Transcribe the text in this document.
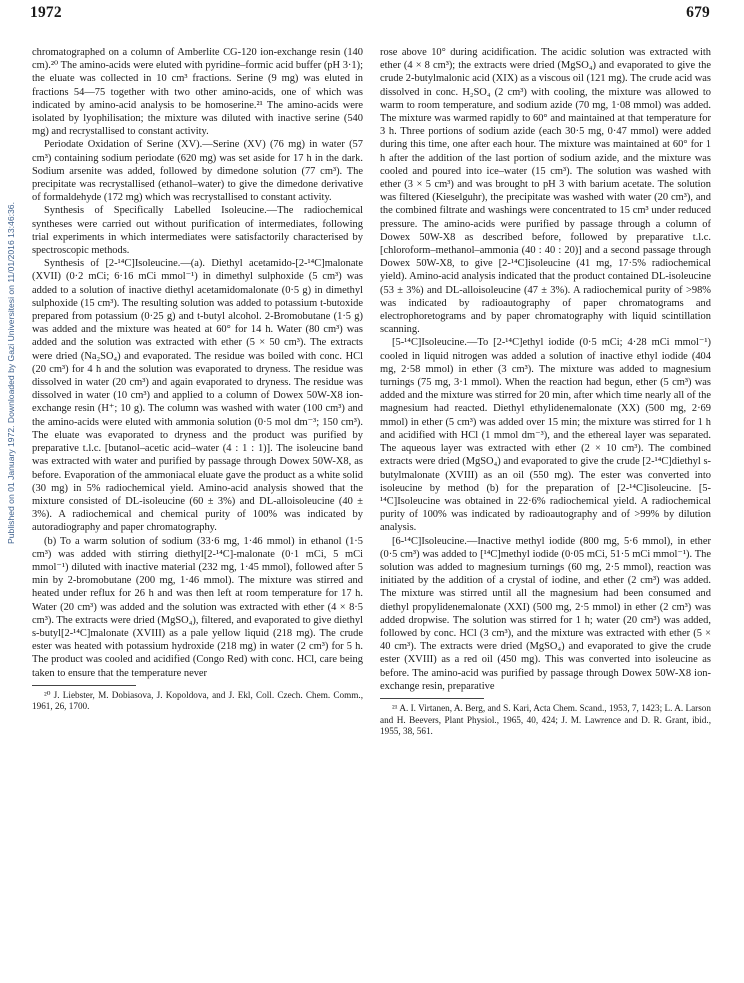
1972	679
Published on 01 January 1972. Downloaded by Gazi Universitesi on 11/01/2016 13:46:36.

chromatographed on a column of Amberlite CG-120 ion-exchange resin (140 cm).²⁰ The amino-acids were eluted with pyridine–formic acid buffer (pH 3·1); the eluate was collected in 10 cm³ fractions. Serine (9 mg) was eluted in fractions 54—75 together with two other amino-acids, one of which was indicated by amino-acid analysis to be homoserine.²¹ The amino-acids were isolated by lyophilisation; the mixture was diluted with inactive serine (540 mg) and recrystallised to constant activity.

Periodate Oxidation of Serine (XV).—Serine (XV) (76 mg) in water (57 cm³) containing sodium periodate (620 mg) was set aside for 17 h in the dark. Sodium arsenite was added, followed by dimedone solution (77 cm³). The precipitate was recrystallised (ethanol–water) to give the dimedone derivative of formaldehyde (172 mg) which was recrystallised to constant activity.

Synthesis of Specifically Labelled Isoleucine.—The radiochemical syntheses were carried out without purification of intermediates, following trial experiments in which intermediates were satisfactorily characterised by spectroscopic methods.

Synthesis of [2-¹⁴C]Isoleucine.—(a). Diethyl acetamido-[2-¹⁴C]malonate (XVII) (0·2 mCi; 6·16 mCi mmol⁻¹) in dimethyl sulphoxide (5 cm³) was added to a solution of inactive diethyl acetamidomalonate (0·5 g) in dimethyl sulphoxide (15 cm³). The resulting solution was added to potassium t-butoxide prepared from potassium (0·25 g) and t-butyl alcohol. 2-Bromobutane (1·5 g) was added and the mixture was heated at 60° for 14 h. Water (80 cm³) was added and the solution was extracted with ether (5 × 50 cm³). The extracts were dried (Na₂SO₄) and evaporated. The residue was boiled with conc. HCl (20 cm³) for 4 h and the solution was evaporated to dryness. The residue was dissolved in water (20 cm³) and again evaporated to dryness. The residue was dissolved in water (10 cm³) and applied to a column of Dowex 50W-X8 ion-exchange resin (H⁺; 10 g). The column was washed with water (100 cm³) and the amino-acids were eluted with ammonia solution (0·5 mol dm⁻³; 150 cm³). The eluate was evaporated to dryness and the product was purified by preparative t.l.c. [butanol–acetic acid–water (4 : 1 : 1)]. The isoleucine band was extracted with water and purified by passage through Dowex 50W-X8, as before. Evaporation of the ammoniacal eluate gave the product as a white solid (30 mg) in 5% radiochemical yield. Amino-acid analysis showed that the mixture consisted of DL-isoleucine (60 ± 3%) and DL-alloisoleucine (40 ± 3%). A radiochemical and chemical purity of 100% was indicated by autoradiography and paper chromatography.

(b) To a warm solution of sodium (33·6 mg, 1·46 mmol) in ethanol (1·5 cm³) was added with stirring diethyl[2-¹⁴C]-malonate (0·1 mCi, 5 mCi mmol⁻¹) diluted with inactive material (232 mg, 1·45 mmol), followed after 5 min by 2-bromobutane (200 mg, 1·46 mmol). The mixture was stirred and heated under reflux for 26 h and was then left at room temperature for 17 h. Water (20 cm³) was added and the solution was extracted with ether (4 × 8·5 cm³). The extracts were dried (MgSO₄), filtered, and evaporated to give diethyl s-butyl[2-¹⁴C]malonate (XVIII) as a pale yellow liquid (218 mg). The crude ester was heated with potassium hydroxide (218 mg) in water (2 cm³) for 5 h. The product was cooled and acidified (Congo Red) with conc. HCl, care being taken to ensure that the temperature never

²⁰ J. Liebster, M. Dobiasova, J. Kopoldova, and J. Ekl, Coll. Czech. Chem. Comm., 1961, 26, 1700.

rose above 10° during acidification. The acidic solution was extracted with ether (4 × 8 cm³); the extracts were dried (MgSO₄) and evaporated to give the crude 2-butylmalonic acid (XIX) as a viscous oil (121 mg). The crude acid was dissolved in conc. H₂SO₄ (2 cm³) with cooling, the mixture was allowed to warm to room temperature, and sodium azide (70 mg, 1·08 mmol) was added. The mixture was warmed rapidly to 60° and maintained at that temperature for 3 h. Three portions of sodium azide (each 30·5 mg, 0·47 mmol) were added during this time, one after each hour. The mixture was maintained at 60° for 1 h after the addition of the last portion of sodium azide, and the mixture was cooled and poured into ice–water (15 cm³). The solution was washed with ether (3 × 5 cm³) and was brought to pH 3 with barium acetate. The solution was filtered (Kieselguhr), the precipitate was washed with water (20 cm³), and the combined filtrate and washings were concentrated to 15 cm³ under reduced pressure. The amino-acids were purified by passage through a column of Dowex 50W-X8 as described before, followed by preparative t.l.c. [chloroform–methanol–ammonia (40 : 40 : 20)] and a second passage through Dowex 50W-X8, to give [2-¹⁴C]isoleucine (41 mg, 17·5% radiochemical yield). Amino-acid analysis indicated that the product contained DL-isoleucine (53 ± 3%) and DL-alloisoleucine (47 ± 3%). A radiochemical purity of >98% was indicated by radioautography of paper chromatograms and electrophoretograms and by paper chromatography with liquid scintillation scanning.

[5-¹⁴C]Isoleucine.—To [2-¹⁴C]ethyl iodide (0·5 mCi; 4·28 mCi mmol⁻¹) cooled in liquid nitrogen was added a solution of inactive ethyl iodide (404 mg, 2·58 mmol) in ether (3 cm³). The mixture was added to magnesium turnings (75 mg, 3·1 mmol). When the reaction had begun, ether (5 cm³) was added and the mixture was stirred for 20 min, after which time nearly all of the magnesium had reacted. Diethyl ethylidenemalonate (XX) (500 mg, 2·69 mmol) in ether (5 cm³) was added over 15 min; the mixture was stirred for 1 h and acidified with HCl (1 mmol dm⁻³), and the ethereal layer was separated. The aqueous layer was extracted with ether (2 × 10 cm³). The combined extracts were dried (MgSO₄) and evaporated to give the crude [2-¹⁴C]diethyl s-butylmalonate (XVIII) as an oil (550 mg). The ester was converted into isoleucine by method (b) for the preparation of [2-¹⁴C]isoleucine. [5-¹⁴C]Isoleucine was obtained in 22·6% radiochemical yield. A radiochemical purity of 100% was indicated by radioautography and of >99% by dilution analysis.

[6-¹⁴C]Isoleucine.—Inactive methyl iodide (800 mg, 5·6 mmol), in ether (0·5 cm³) was added to [¹⁴C]methyl iodide (0·05 mCi, 51·5 mCi mmol⁻¹). The solution was added to magnesium turnings (60 mg, 2·5 mmol), reaction was initiated by the addition of a crystal of iodine, and ether (2 cm³) was added. The mixture was stirred until all the magnesium had been consumed and diethyl propylidenemalonate (XXI) (500 mg, 2·5 mmol) in ether (2 cm³) was added dropwise. The solution was stirred for 1 h; water (20 cm³) was added, followed by conc. HCl (3 cm³), and the mixture was extracted with ether (5 × 40 cm³). The extracts were dried (MgSO₄) and evaporated to give the crude ester (XVIII) as a red oil (450 mg). This was converted into isoleucine as before. The amino-acid was purified by passage through Dowex 50W-X8 ion-exchange resin, preparative

²¹ A. I. Virtanen, A. Berg, and S. Kari, Acta Chem. Scand., 1953, 7, 1423; L. A. Larson and H. Beevers, Plant Physiol., 1965, 40, 424; J. M. Lawrence and D. R. Grant, ibid., 1955, 38, 561.
